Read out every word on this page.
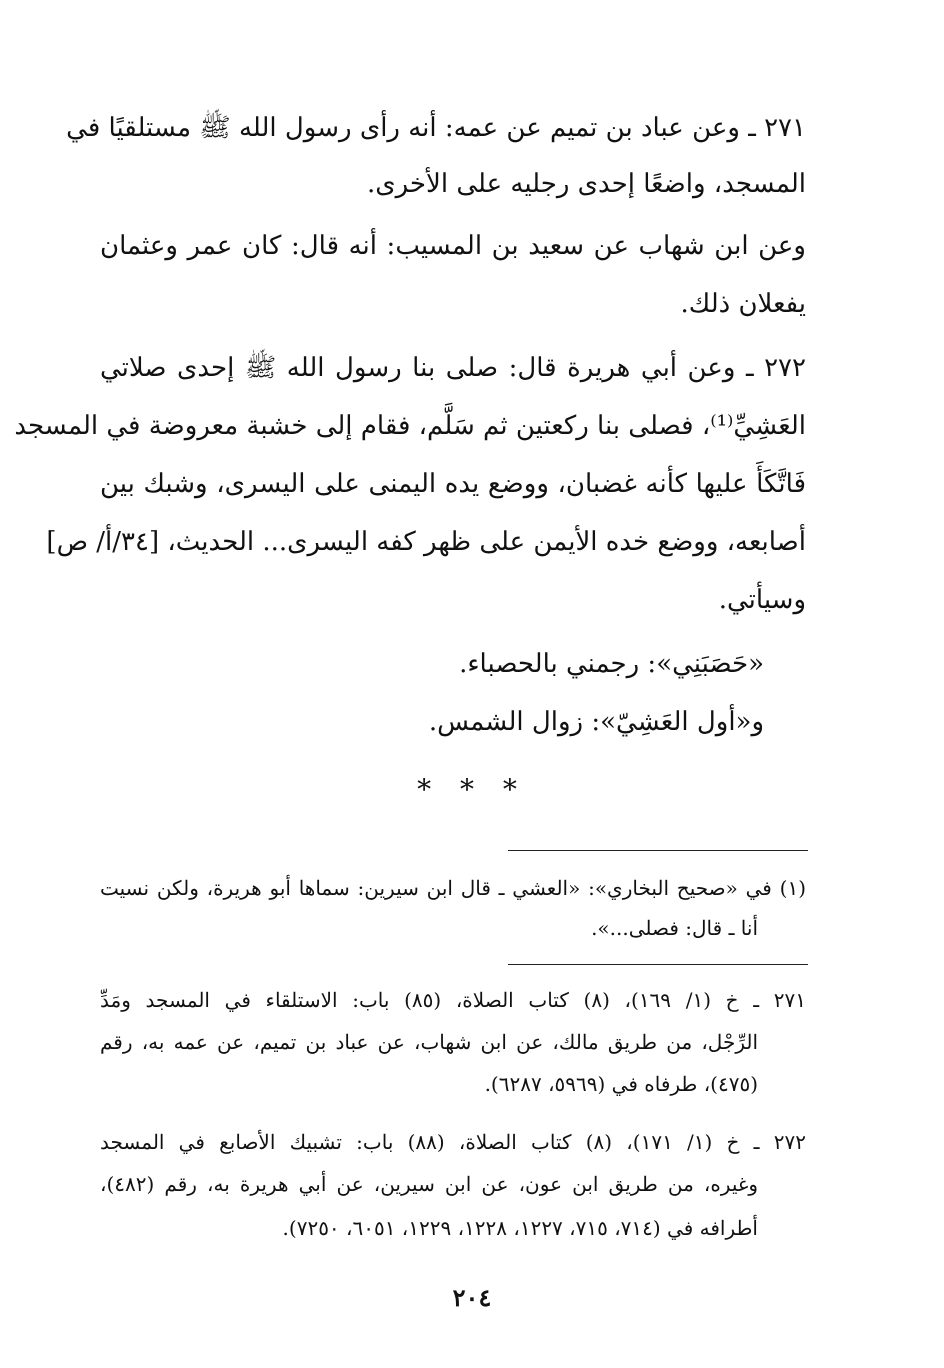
٢٧١ ـ وعن عباد بن تميم عن عمه: أنه رأى رسول الله ﷺ مستلقيًا في
المسجد، واضعًا إحدى رجليه على الأخرى.
وعن ابن شهاب عن سعيد بن المسيب: أنه قال: كان عمر وعثمان
يفعلان ذلك.
٢٧٢ ـ وعن أبي هريرة قال: صلى بنا رسول الله ﷺ إحدى صلاتي
العَشِيِّ⁽¹⁾، فصلى بنا ركعتين ثم سَلَّم، فقام إلى خشبة معروضة في المسجد
فَاتَّكَأَ عليها كأنه غضبان، ووضع يده اليمنى على اليسرى، وشبك بين
أصابعه، ووضع خده الأيمن على ظهر كفه اليسرى... الحديث، [٣٤/أ/ ص]
وسيأتي.
«حَصَبَنِي»: رجمني بالحصباء.
و«أول العَشِيّ»: زوال الشمس.
* * *
(١) في «صحيح البخاري»: «العشي ـ قال ابن سيرين: سماها أبو هريرة، ولكن نسيت
أنا ـ قال: فصلى...».
٢٧١ ـ خ (١/ ١٦٩)، (٨) كتاب الصلاة، (٨٥) باب: الاستلقاء في المسجد ومَدِّ
الرِّجْل، من طريق مالك، عن ابن شهاب، عن عباد بن تميم، عن عمه به، رقم
(٤٧٥)، طرفاه في (٥٩٦٩، ٦٢٨٧).
٢٧٢ ـ خ (١/ ١٧١)، (٨) كتاب الصلاة، (٨٨) باب: تشبيك الأصابع في المسجد
وغيره، من طريق ابن عون، عن ابن سيرين، عن أبي هريرة به، رقم (٤٨٢)،
أطرافه في (٧١٤، ٧١٥، ١٢٢٧، ١٢٢٨، ١٢٢٩، ٦٠٥١، ٧٢٥٠).
٢٠٤
